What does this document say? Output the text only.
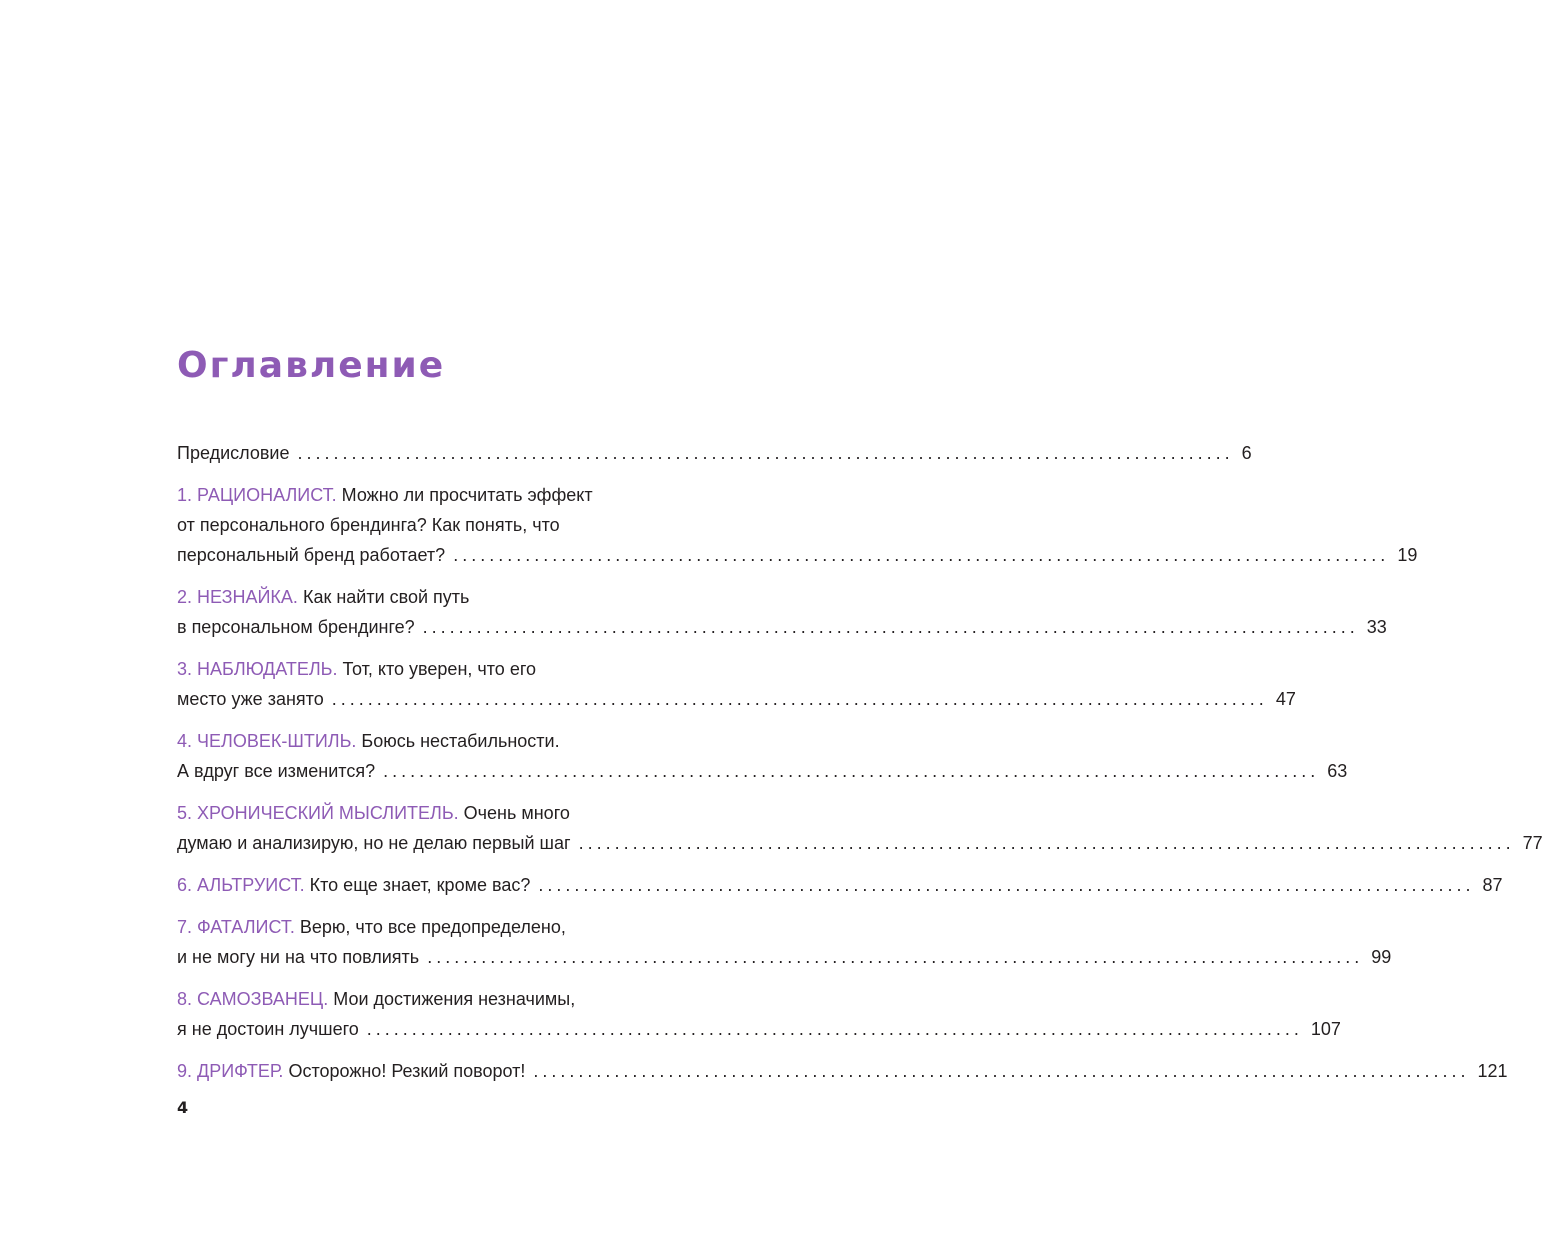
Оглавление
Предисловие ........................................................................................................ 6
1. РАЦИОНАЛИСТ. Можно ли просчитать эффект
от персонального брендинга? Как понять, что
персональный бренд работает? ........................................................................................................ 19
2. НЕЗНАЙКА. Как найти свой путь
в персональном брендинге? ........................................................................................................ 33
3. НАБЛЮДАТЕЛЬ. Тот, кто уверен, что его
место уже занято ........................................................................................................ 47
4. ЧЕЛОВЕК-ШТИЛЬ. Боюсь нестабильности.
А вдруг все изменится? ........................................................................................................ 63
5. ХРОНИЧЕСКИЙ МЫСЛИТЕЛЬ. Очень много
думаю и анализирую, но не делаю первый шаг ........................................................................................................ 77
6. АЛЬТРУИСТ. Кто еще знает, кроме вас? ........................................................................................................ 87
7. ФАТАЛИСТ. Верю, что все предопределено,
и не могу ни на что повлиять ........................................................................................................ 99
8. САМОЗВАНЕЦ. Мои достижения незначимы,
я не достоин лучшего ........................................................................................................ 107
9. ДРИФТЕР. Осторожно! Резкий поворот! ........................................................................................................ 121
4
